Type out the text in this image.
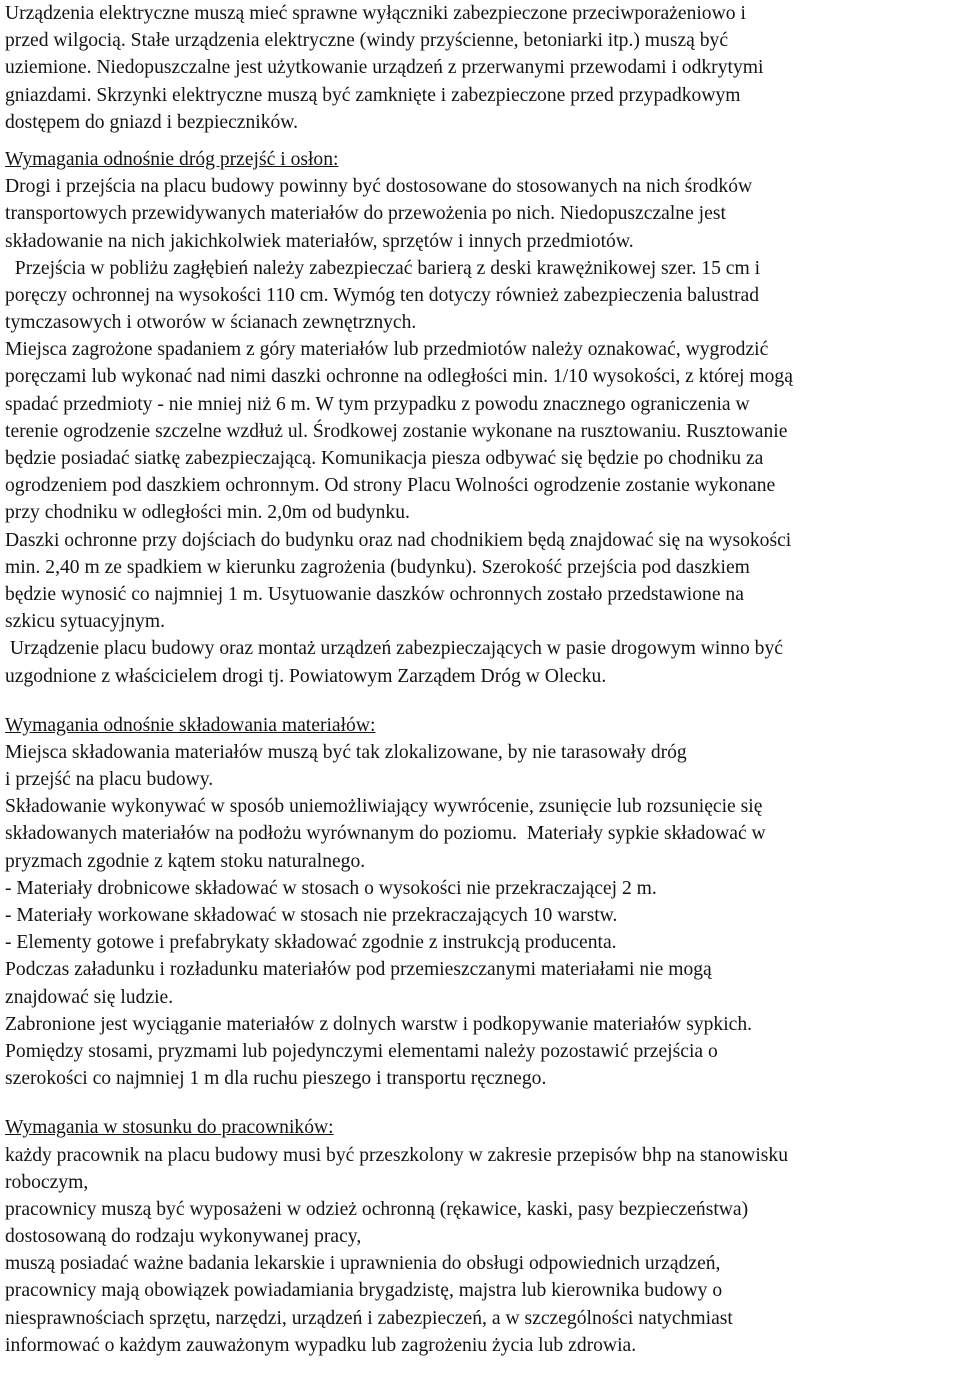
Urządzenia elektryczne muszą mieć sprawne wyłączniki zabezpieczone przeciwporażeniowo i
przed wilgocią. Stałe urządzenia elektryczne (windy przyścienne, betoniarki itp.) muszą być
uziemione. Niedopuszczalne jest użytkowanie urządzeń z przerwanymi przewodami i odkrytymi
gniazdami. Skrzynki elektryczne muszą być zamknięte i zabezpieczone przed przypadkowym
dostępem do gniazd i bezpieczników.
Wymagania odnośnie dróg przejść i osłon:
Drogi i przejścia na placu budowy powinny być dostosowane do stosowanych na nich środków
transportowych przewidywanych materiałów do przewożenia po nich. Niedopuszczalne jest
składowanie na nich jakichkolwiek materiałów, sprzętów i innych przedmiotów.
Przejścia w pobliżu zagłębień należy zabezpieczać barierą z deski krawężnikowej szer. 15 cm i
poręczy ochronnej na wysokości 110 cm. Wymóg ten dotyczy również zabezpieczenia balustrad
tymczasowych i otworów w ścianach zewnętrznych.
Miejsca zagrożone spadaniem z góry materiałów lub przedmiotów należy oznakować, wygrodzić
poręczami lub wykonać nad nimi daszki ochronne na odległości min. 1/10 wysokości, z której mogą
spadać przedmioty - nie mniej niż 6 m. W tym przypadku z powodu znacznego ograniczenia w
terenie ogrodzenie szczelne wzdłuż ul. Środkowej zostanie wykonane na rusztowaniu. Rusztowanie
będzie posiadać siatkę zabezpieczającą. Komunikacja piesza odbywać się będzie po chodniku za
ogrodzeniem pod daszkiem ochronnym. Od strony Placu Wolności ogrodzenie zostanie wykonane
przy chodniku w odległości min. 2,0m od budynku.
Daszki ochronne przy dojściach do budynku oraz nad chodnikiem będą znajdować się na wysokości
min. 2,40 m ze spadkiem w kierunku zagrożenia (budynku). Szerokość przejścia pod daszkiem
będzie wynosić co najmniej 1 m. Usytuowanie daszków ochronnych zostało przedstawione na
szkicu sytuacyjnym.
Urządzenie placu budowy oraz montaż urządzeń zabezpieczających w pasie drogowym winno być
uzgodnione z właścicielem drogi tj. Powiatowym Zarządem Dróg w Olecku.
Wymagania odnośnie składowania materiałów:
Miejsca składowania materiałów muszą być tak zlokalizowane, by nie tarasowały dróg
i przejść na placu budowy.
Składowanie wykonywać w sposób uniemożliwiający wywrócenie, zsunięcie lub rozsunięcie się
składowanych materiałów na podłożu wyrównanym do poziomu.  Materiały sypkie składować w
pryzmach zgodnie z kątem stoku naturalnego.
- Materiały drobnicowe składować w stosach o wysokości nie przekraczającej 2 m.
- Materiały workowane składować w stosach nie przekraczających 10 warstw.
- Elementy gotowe i prefabrykaty składować zgodnie z instrukcją producenta.
Podczas załadunku i rozładunku materiałów pod przemieszczanymi materiałami nie mogą
znajdować się ludzie.
Zabronione jest wyciąganie materiałów z dolnych warstw i podkopywanie materiałów sypkich.
Pomiędzy stosami, pryzmami lub pojedynczymi elementami należy pozostawić przejścia o
szerokości co najmniej 1 m dla ruchu pieszego i transportu ręcznego.
Wymagania w stosunku do pracowników:
każdy pracownik na placu budowy musi być przeszkolony w zakresie przepisów bhp na stanowisku
roboczym,
pracownicy muszą być wyposażeni w odzież ochronną (rękawice, kaski, pasy bezpieczeństwa)
dostosowaną do rodzaju wykonywanej pracy,
muszą posiadać ważne badania lekarskie i uprawnienia do obsługi odpowiednich urządzeń,
pracownicy mają obowiązek powiadamiania brygadzistę, majstra lub kierownika budowy o
niesprawnościach sprzętu, narzędzi, urządzeń i zabezpieczeń, a w szczególności natychmiast
informować o każdym zauważonym wypadku lub zagrożeniu życia lub zdrowia.
